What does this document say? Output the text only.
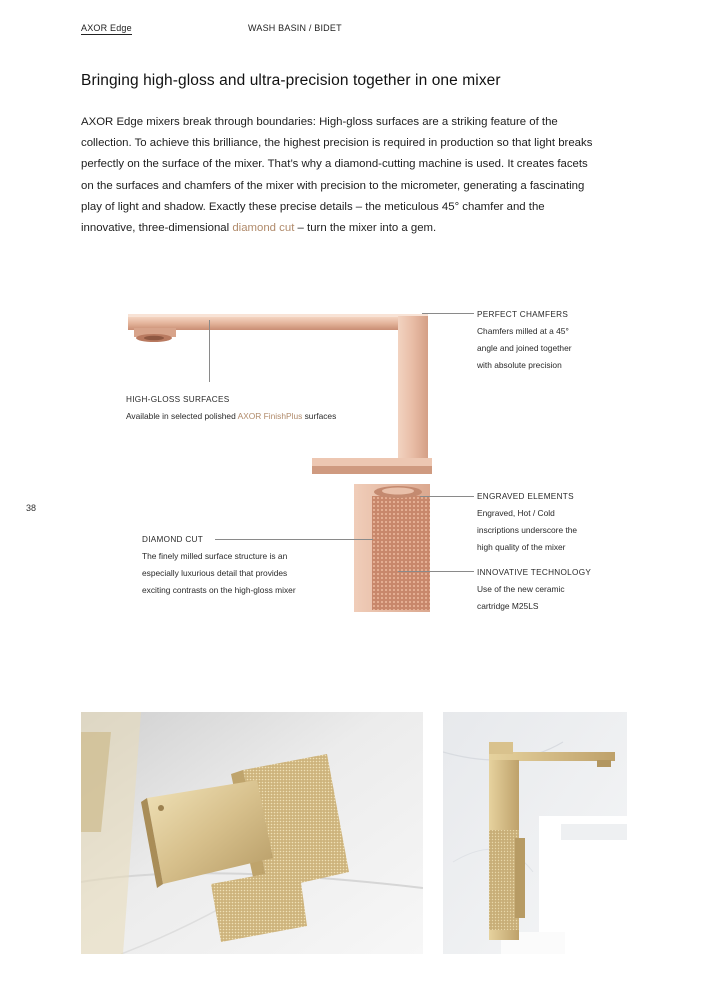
AXOR Edge	WASH BASIN / BIDET
38
Bringing high-gloss and ultra-precision together in one mixer

AXOR Edge mixers break through boundaries: High-gloss surfaces are a striking feature of the collection. To achieve this brilliance, the highest precision is required in production so that light breaks perfectly on the surface of the mixer. That’s why a diamond-cutting machine is used. It creates facets on the surfaces and chamfers of the mixer with precision to the micrometer, generating a fascinating play of light and shadow. Exactly these precise details – the meticulous 45° chamfer and the innovative, three-dimensional diamond cut – turn the mixer into a gem.

PERFECT CHAMFERS
Chamfers milled at a 45°
angle and joined together
with absolute precision
HIGH-GLOSS SURFACES
Available in selected polished AXOR FinishPlus surfaces
ENGRAVED ELEMENTS
Engraved, Hot / Cold
inscriptions underscore the
high quality of the mixer
DIAMOND CUT
The finely milled surface structure is an
especially luxurious detail that provides
exciting contrasts on the high-gloss mixer
INNOVATIVE TECHNOLOGY
Use of the new ceramic
cartridge M25LS
